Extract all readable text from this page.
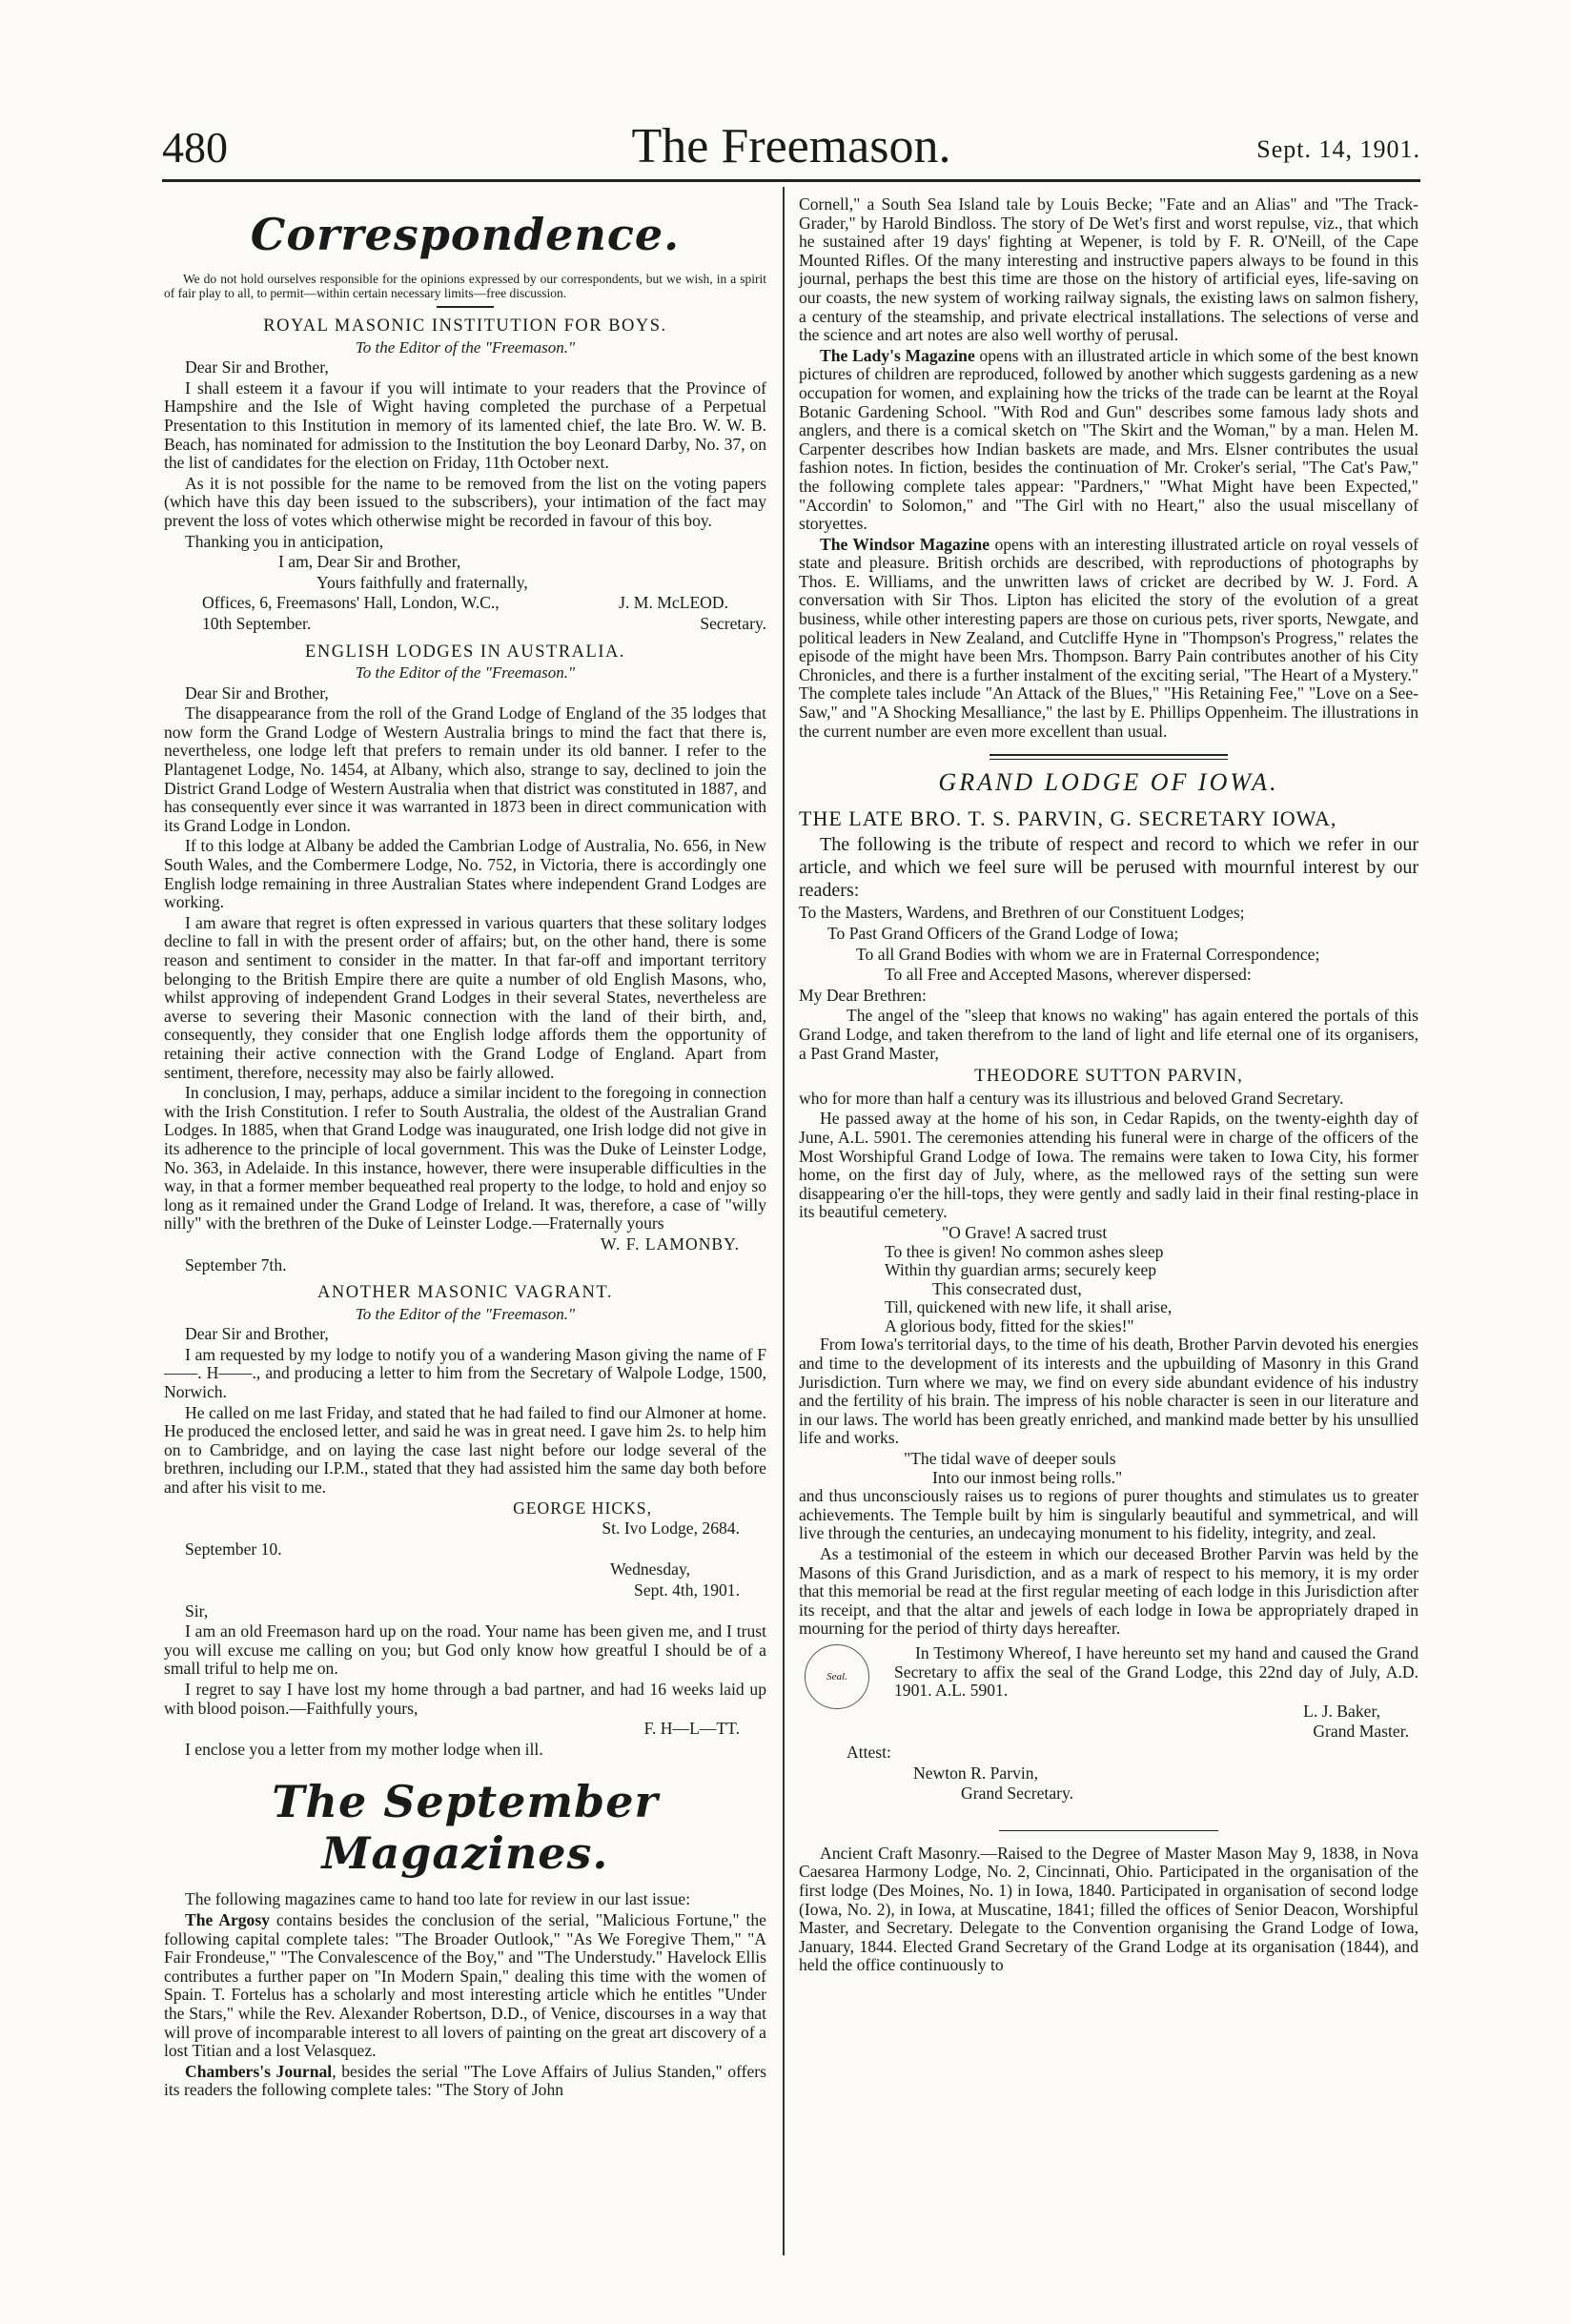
480	The Freemason.	Sept. 14, 1901.
Correspondence.

We do not hold ourselves responsible for the opinions expressed by our correspondents, but we wish, in a spirit of fair play to all, to permit—within certain necessary limits—free discussion.

ROYAL MASONIC INSTITUTION FOR BOYS.

To the Editor of the "Freemason."

Dear Sir and Brother,

I shall esteem it a favour if you will intimate to your readers that the Province of Hampshire and the Isle of Wight having completed the purchase of a Perpetual Presentation to this Institution in memory of its lamented chief, the late Bro. W. W. B. Beach, has nominated for admission to the Institution the boy Leonard Darby, No. 37, on the list of candidates for the election on Friday, 11th October next.

As it is not possible for the name to be removed from the list on the voting papers (which have this day been issued to the subscribers), your intimation of the fact may prevent the loss of votes which otherwise might be recorded in favour of this boy.

Thanking you in anticipation,

I am, Dear Sir and Brother,

Yours faithfully and fraternally,

Offices, 6, Freemasons' Hall, London, W.C.,	J. M. McLEOD.

10th September.	Secretary.

ENGLISH LODGES IN AUSTRALIA.

To the Editor of the "Freemason."

Dear Sir and Brother,

The disappearance from the roll of the Grand Lodge of England of the 35 lodges that now form the Grand Lodge of Western Australia brings to mind the fact that there is, nevertheless, one lodge left that prefers to remain under its old banner. I refer to the Plantagenet Lodge, No. 1454, at Albany, which also, strange to say, declined to join the District Grand Lodge of Western Australia when that district was constituted in 1887, and has consequently ever since it was warranted in 1873 been in direct communication with its Grand Lodge in London.

If to this lodge at Albany be added the Cambrian Lodge of Australia, No. 656, in New South Wales, and the Combermere Lodge, No. 752, in Victoria, there is accordingly one English lodge remaining in three Australian States where independent Grand Lodges are working.

I am aware that regret is often expressed in various quarters that these solitary lodges decline to fall in with the present order of affairs; but, on the other hand, there is some reason and sentiment to consider in the matter. In that far-off and important territory belonging to the British Empire there are quite a number of old English Masons, who, whilst approving of independent Grand Lodges in their several States, nevertheless are averse to severing their Masonic connection with the land of their birth, and, consequently, they consider that one English lodge affords them the opportunity of retaining their active connection with the Grand Lodge of England. Apart from sentiment, therefore, necessity may also be fairly allowed.

In conclusion, I may, perhaps, adduce a similar incident to the foregoing in connection with the Irish Constitution. I refer to South Australia, the oldest of the Australian Grand Lodges. In 1885, when that Grand Lodge was inaugurated, one Irish lodge did not give in its adherence to the principle of local government. This was the Duke of Leinster Lodge, No. 363, in Adelaide. In this instance, however, there were insuperable difficulties in the way, in that a former member bequeathed real property to the lodge, to hold and enjoy so long as it remained under the Grand Lodge of Ireland. It was, therefore, a case of "willy nilly" with the brethren of the Duke of Leinster Lodge.—Fraternally yours

W. F. LAMONBY.

September 7th.

ANOTHER MASONIC VAGRANT.

To the Editor of the "Freemason."

Dear Sir and Brother,

I am requested by my lodge to notify you of a wandering Mason giving the name of F——. H——., and producing a letter to him from the Secretary of Walpole Lodge, 1500, Norwich.

He called on me last Friday, and stated that he had failed to find our Almoner at home. He produced the enclosed letter, and said he was in great need. I gave him 2s. to help him on to Cambridge, and on laying the case last night before our lodge several of the brethren, including our I.P.M., stated that they had assisted him the same day both before and after his visit to me.

GEORGE HICKS,

St. Ivo Lodge, 2684.

September 10.

Wednesday,

Sept. 4th, 1901.

Sir,

I am an old Freemason hard up on the road. Your name has been given me, and I trust you will excuse me calling on you; but God only know how greatful I should be of a small triful to help me on.

I regret to say I have lost my home through a bad partner, and had 16 weeks laid up with blood poison.—Faithfully yours,

F. H—L—TT.

I enclose you a letter from my mother lodge when ill.

The September Magazines.

The following magazines came to hand too late for review in our last issue:

The Argosy contains besides the conclusion of the serial, "Malicious Fortune," the following capital complete tales: "The Broader Outlook," "As We Foregive Them," "A Fair Frondeuse," "The Convalescence of the Boy," and "The Understudy." Havelock Ellis contributes a further paper on "In Modern Spain," dealing this time with the women of Spain. T. Fortelus has a scholarly and most interesting article which he entitles "Under the Stars," while the Rev. Alexander Robertson, D.D., of Venice, discourses in a way that will prove of incomparable interest to all lovers of painting on the great art discovery of a lost Titian and a lost Velasquez.

Chambers's Journal, besides the serial "The Love Affairs of Julius Standen," offers its readers the following complete tales: "The Story of John

Cornell," a South Sea Island tale by Louis Becke; "Fate and an Alias" and "The Track-Grader," by Harold Bindloss. The story of De Wet's first and worst repulse, viz., that which he sustained after 19 days' fighting at Wepener, is told by F. R. O'Neill, of the Cape Mounted Rifles. Of the many interesting and instructive papers always to be found in this journal, perhaps the best this time are those on the history of artificial eyes, life-saving on our coasts, the new system of working railway signals, the existing laws on salmon fishery, a century of the steamship, and private electrical installations. The selections of verse and the science and art notes are also well worthy of perusal.

The Lady's Magazine opens with an illustrated article in which some of the best known pictures of children are reproduced, followed by another which suggests gardening as a new occupation for women, and explaining how the tricks of the trade can be learnt at the Royal Botanic Gardening School. "With Rod and Gun" describes some famous lady shots and anglers, and there is a comical sketch on "The Skirt and the Woman," by a man. Helen M. Carpenter describes how Indian baskets are made, and Mrs. Elsner contributes the usual fashion notes. In fiction, besides the continuation of Mr. Croker's serial, "The Cat's Paw," the following complete tales appear: "Pardners," "What Might have been Expected," "Accordin' to Solomon," and "The Girl with no Heart," also the usual miscellany of storyettes.

The Windsor Magazine opens with an interesting illustrated article on royal vessels of state and pleasure. British orchids are described, with reproductions of photographs by Thos. E. Williams, and the unwritten laws of cricket are decribed by W. J. Ford. A conversation with Sir Thos. Lipton has elicited the story of the evolution of a great business, while other interesting papers are those on curious pets, river sports, Newgate, and political leaders in New Zealand, and Cutcliffe Hyne in "Thompson's Progress," relates the episode of the might have been Mrs. Thompson. Barry Pain contributes another of his City Chronicles, and there is a further instalment of the exciting serial, "The Heart of a Mystery." The complete tales include "An Attack of the Blues," "His Retaining Fee," "Love on a See-Saw," and "A Shocking Mesalliance," the last by E. Phillips Oppenheim. The illustrations in the current number are even more excellent than usual.

GRAND LODGE OF IOWA.

THE LATE BRO. T. S. PARVIN, G. SECRETARY IOWA,

The following is the tribute of respect and record to which we refer in our article, and which we feel sure will be perused with mournful interest by our readers:

To the Masters, Wardens, and Brethren of our Constituent Lodges;

To Past Grand Officers of the Grand Lodge of Iowa;

To all Grand Bodies with whom we are in Fraternal Correspondence;

To all Free and Accepted Masons, wherever dispersed:

My Dear Brethren:

The angel of the "sleep that knows no waking" has again entered the portals of this Grand Lodge, and taken therefrom to the land of light and life eternal one of its organisers, a Past Grand Master,

THEODORE SUTTON PARVIN,

who for more than half a century was its illustrious and beloved Grand Secretary.

He passed away at the home of his son, in Cedar Rapids, on the twenty-eighth day of June, A.L. 5901. The ceremonies attending his funeral were in charge of the officers of the Most Worshipful Grand Lodge of Iowa. The remains were taken to Iowa City, his former home, on the first day of July, where, as the mellowed rays of the setting sun were disappearing o'er the hill-tops, they were gently and sadly laid in their final resting-place in its beautiful cemetery.

"O Grave! A sacred trust

To thee is given! No common ashes sleep

Within thy guardian arms; securely keep

This consecrated dust,

Till, quickened with new life, it shall arise,

A glorious body, fitted for the skies!"

From Iowa's territorial days, to the time of his death, Brother Parvin devoted his energies and time to the development of its interests and the upbuilding of Masonry in this Grand Jurisdiction. Turn where we may, we find on every side abundant evidence of his industry and the fertility of his brain. The impress of his noble character is seen in our literature and in our laws. The world has been greatly enriched, and mankind made better by his unsullied life and works.

"The tidal wave of deeper souls

Into our inmost being rolls."

and thus unconsciously raises us to regions of purer thoughts and stimulates us to greater achievements. The Temple built by him is singularly beautiful and symmetrical, and will live through the centuries, an undecaying monument to his fidelity, integrity, and zeal.

As a testimonial of the esteem in which our deceased Brother Parvin was held by the Masons of this Grand Jurisdiction, and as a mark of respect to his memory, it is my order that this memorial be read at the first regular meeting of each lodge in this Jurisdiction after its receipt, and that the altar and jewels of each lodge in Iowa be appropriately draped in mourning for the period of thirty days hereafter.

Seal.

In Testimony Whereof, I have hereunto set my hand and caused the Grand Secretary to affix the seal of the Grand Lodge, this 22nd day of July, A.D. 1901. A.L. 5901.

L. J. Baker,

Grand Master.

Attest:

Newton R. Parvin,

Grand Secretary.

Ancient Craft Masonry.—Raised to the Degree of Master Mason May 9, 1838, in Nova Caesarea Harmony Lodge, No. 2, Cincinnati, Ohio. Participated in the organisation of the first lodge (Des Moines, No. 1) in Iowa, 1840. Participated in organisation of second lodge (Iowa, No. 2), in Iowa, at Muscatine, 1841; filled the offices of Senior Deacon, Worshipful Master, and Secretary. Delegate to the Convention organising the Grand Lodge of Iowa, January, 1844. Elected Grand Secretary of the Grand Lodge at its organisation (1844), and held the office continuously to
